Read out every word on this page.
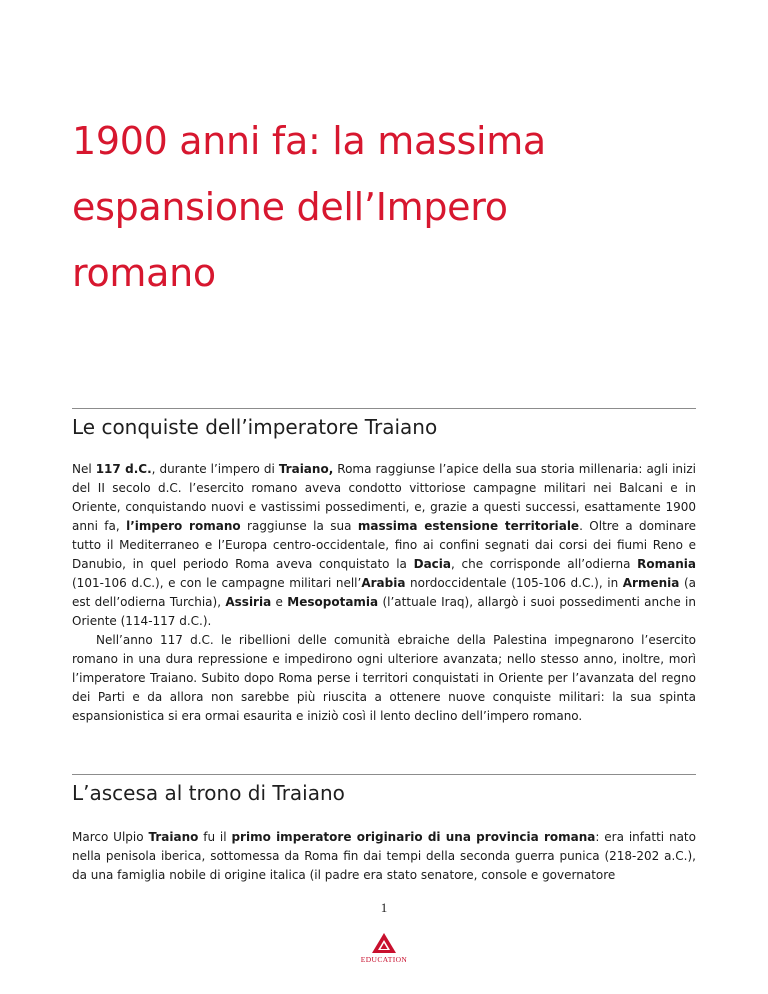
1900 anni fa: la massima espansione dell’Impero romano
Le conquiste dell’imperatore Traiano

Nel 117 d.C., durante l’impero di Traiano, Roma raggiunse l’apice della sua storia millenaria: agli inizi del II secolo d.C. l’esercito romano aveva condotto vittoriose campagne militari nei Balcani e in Oriente, conquistando nuovi e vastissimi possedimenti, e, grazie a questi successi, esattamente 1900 anni fa, l’impero romano raggiunse la sua massima estensione territoriale. Oltre a dominare tutto il Mediterraneo e l’Europa centro-occidentale, fino ai confini segnati dai corsi dei fiumi Reno e Danubio, in quel periodo Roma aveva conquistato la Dacia, che corrisponde all’odierna Romania (101-106 d.C.), e con le campagne militari nell’Arabia nordoccidentale (105-106 d.C.), in Armenia (a est dell’odierna Turchia), Assiria e Mesopotamia (l’attuale Iraq), allargò i suoi possedimenti anche in Oriente (114-117 d.C.).

Nell’anno 117 d.C. le ribellioni delle comunità ebraiche della Palestina impegnarono l’esercito romano in una dura repressione e impedirono ogni ulteriore avanzata; nello stesso anno, inoltre, morì l’imperatore Traiano. Subito dopo Roma perse i territori conquistati in Oriente per l’avanzata del regno dei Parti e da allora non sarebbe più riuscita a ottenere nuove conquiste militari: la sua spinta espansionistica si era ormai esaurita e iniziò così il lento declino dell’impero romano.

L’ascesa al trono di Traiano

Marco Ulpio Traiano fu il primo imperatore originario di una provincia romana: era infatti nato nella penisola iberica, sottomessa da Roma fin dai tempi della seconda guerra punica (218-202 a.C.), da una famiglia nobile di origine italica (il padre era stato senatore, console e governatore

1
EDUCATION
